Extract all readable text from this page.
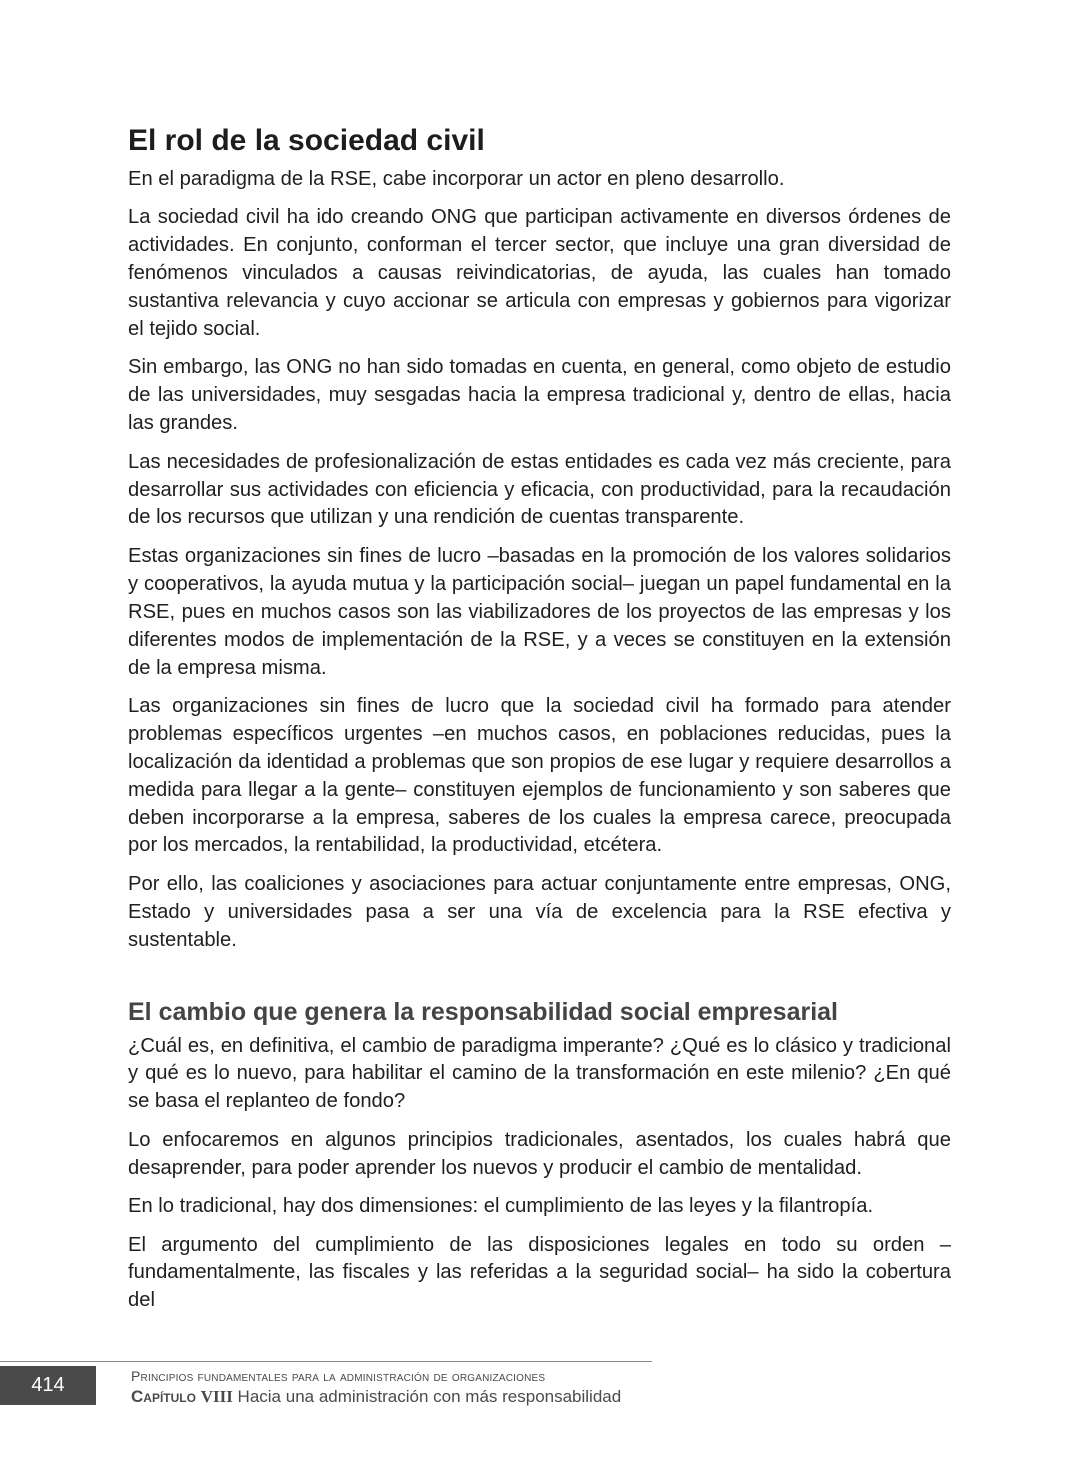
El rol de la sociedad civil

En el paradigma de la RSE, cabe incorporar un actor en pleno desarrollo.

La sociedad civil ha ido creando ONG que participan activamente en diversos órdenes de actividades. En conjunto, conforman el tercer sector, que incluye una gran diversidad de fenómenos vinculados a causas reivindicatorias, de ayuda, las cuales han tomado sustantiva relevancia y cuyo accionar se articula con empresas y gobiernos para vigorizar el tejido social.

Sin embargo, las ONG no han sido tomadas en cuenta, en general, como objeto de estudio de las universidades, muy sesgadas hacia la empresa tradicional y, dentro de ellas, hacia las grandes.

Las necesidades de profesionalización de estas entidades es cada vez más creciente, para desarrollar sus actividades con eficiencia y eficacia, con productividad, para la recaudación de los recursos que utilizan y una rendición de cuentas transparente.

Estas organizaciones sin fines de lucro –basadas en la promoción de los valores solidarios y cooperativos, la ayuda mutua y la participación social– juegan un papel fundamental en la RSE, pues en muchos casos son las viabilizadores de los proyectos de las empresas y los diferentes modos de implementación de la RSE, y a veces se constituyen en la extensión de la empresa misma.

Las organizaciones sin fines de lucro que la sociedad civil ha formado para atender problemas específicos urgentes –en muchos casos, en poblaciones reducidas, pues la localización da identidad a problemas que son propios de ese lugar y requiere desarrollos a medida para llegar a la gente– constituyen ejemplos de funcionamiento y son saberes que deben incorporarse a la empresa, saberes de los cuales la empresa carece, preocupada por los mercados, la rentabilidad, la productividad, etcétera.

Por ello, las coaliciones y asociaciones para actuar conjuntamente entre empresas, ONG, Estado y universidades pasa a ser una vía de excelencia para la RSE efectiva y sustentable.

El cambio que genera la responsabilidad social empresarial

¿Cuál es, en definitiva, el cambio de paradigma imperante? ¿Qué es lo clásico y tradicional y qué es lo nuevo, para habilitar el camino de la transformación en este milenio? ¿En qué se basa el replanteo de fondo?

Lo enfocaremos en algunos principios tradicionales, asentados, los cuales habrá que desaprender, para poder aprender los nuevos y producir el cambio de mentalidad.

En lo tradicional, hay dos dimensiones: el cumplimiento de las leyes y la filantropía.

El argumento del cumplimiento de las disposiciones legales en todo su orden –fundamentalmente, las fiscales y las referidas a la seguridad social– ha sido la cobertura del

414	Principios fundamentales para la administración de organizaciones
Capítulo VIII Hacia una administración con más responsabilidad
